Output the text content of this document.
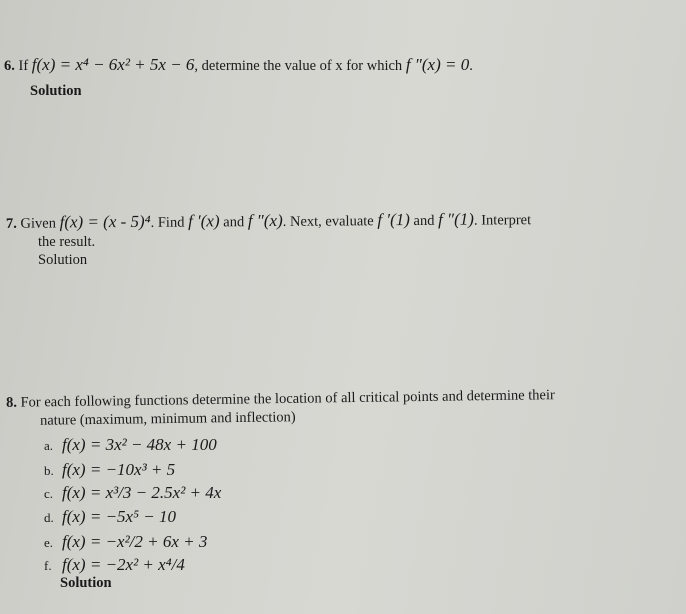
6. If f(x) = x⁴ − 6x² + 5x − 6, determine the value of x for which f ″(x) = 0.
Solution
7. Given f(x) = (x - 5)⁴. Find f ′(x) and f ″(x). Next, evaluate f ′(1) and f ″(1). Interpret
the result.
Solution
8. For each following functions determine the location of all critical points and determine their
nature (maximum, minimum and inflection)
a. f(x) = 3x² − 48x + 100
b. f(x) = −10x³ + 5
c. f(x) = x³/3 − 2.5x² + 4x
d. f(x) = −5x⁵ − 10
e. f(x) = −x²/2 + 6x + 3
f. f(x) = −2x² + x⁴/4
Solution
